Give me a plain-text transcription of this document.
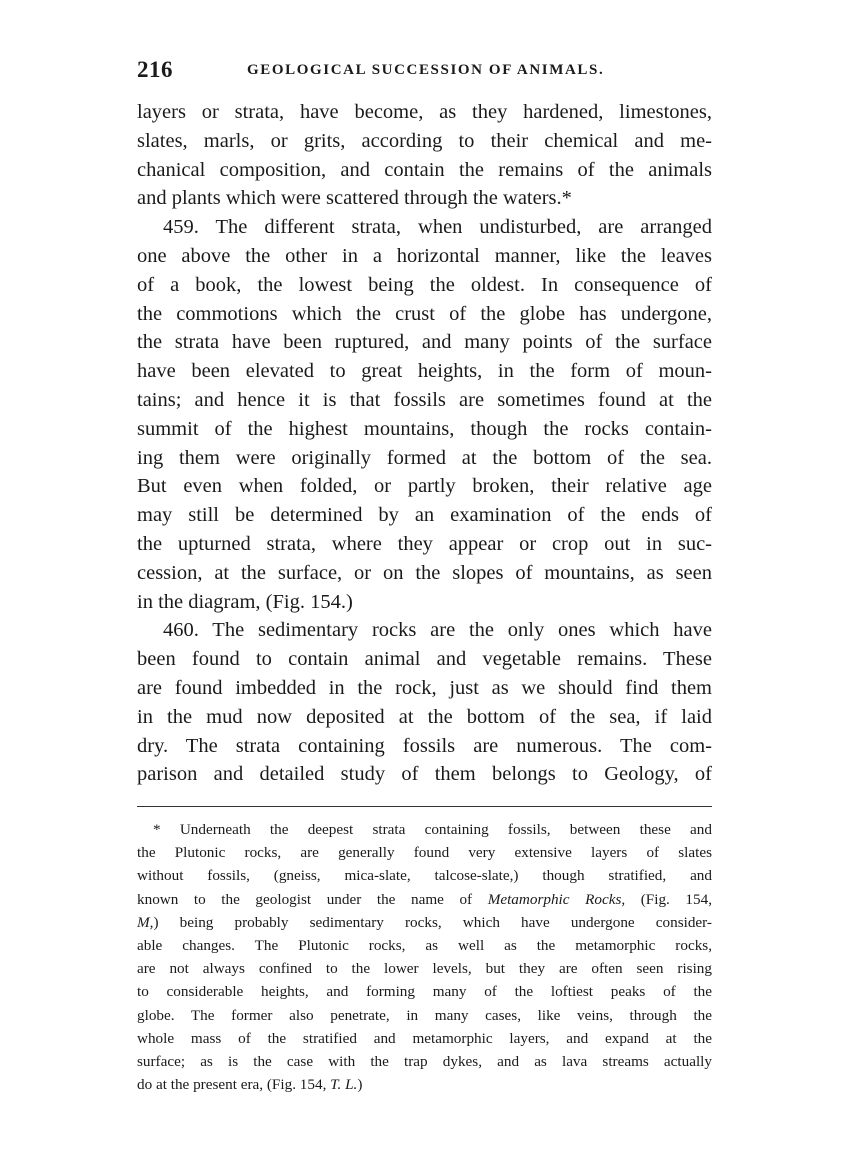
216	GEOLOGICAL SUCCESSION OF ANIMALS.
layers or strata, have become, as they hardened, limestones,
slates, marls, or grits, according to their chemical and me-
chanical composition, and contain the remains of the animals
and plants which were scattered through the waters.*
459. The different strata, when undisturbed, are arranged
one above the other in a horizontal manner, like the leaves
of a book, the lowest being the oldest. In consequence of
the commotions which the crust of the globe has undergone,
the strata have been ruptured, and many points of the surface
have been elevated to great heights, in the form of moun-
tains; and hence it is that fossils are sometimes found at the
summit of the highest mountains, though the rocks contain-
ing them were originally formed at the bottom of the sea.
But even when folded, or partly broken, their relative age
may still be determined by an examination of the ends of
the upturned strata, where they appear or crop out in suc-
cession, at the surface, or on the slopes of mountains, as seen
in the diagram, (Fig. 154.)
460. The sedimentary rocks are the only ones which have
been found to contain animal and vegetable remains. These
are found imbedded in the rock, just as we should find them
in the mud now deposited at the bottom of the sea, if laid
dry. The strata containing fossils are numerous. The com-
parison and detailed study of them belongs to Geology, of
* Underneath the deepest strata containing fossils, between these and
the Plutonic rocks, are generally found very extensive layers of slates
without fossils, (gneiss, mica-slate, talcose-slate,) though stratified, and
known to the geologist under the name of Metamorphic Rocks, (Fig. 154,
M,) being probably sedimentary rocks, which have undergone consider-
able changes. The Plutonic rocks, as well as the metamorphic rocks,
are not always confined to the lower levels, but they are often seen rising
to considerable heights, and forming many of the loftiest peaks of the
globe. The former also penetrate, in many cases, like veins, through the
whole mass of the stratified and metamorphic layers, and expand at the
surface; as is the case with the trap dykes, and as lava streams actually
do at the present era, (Fig. 154, T. L.)
